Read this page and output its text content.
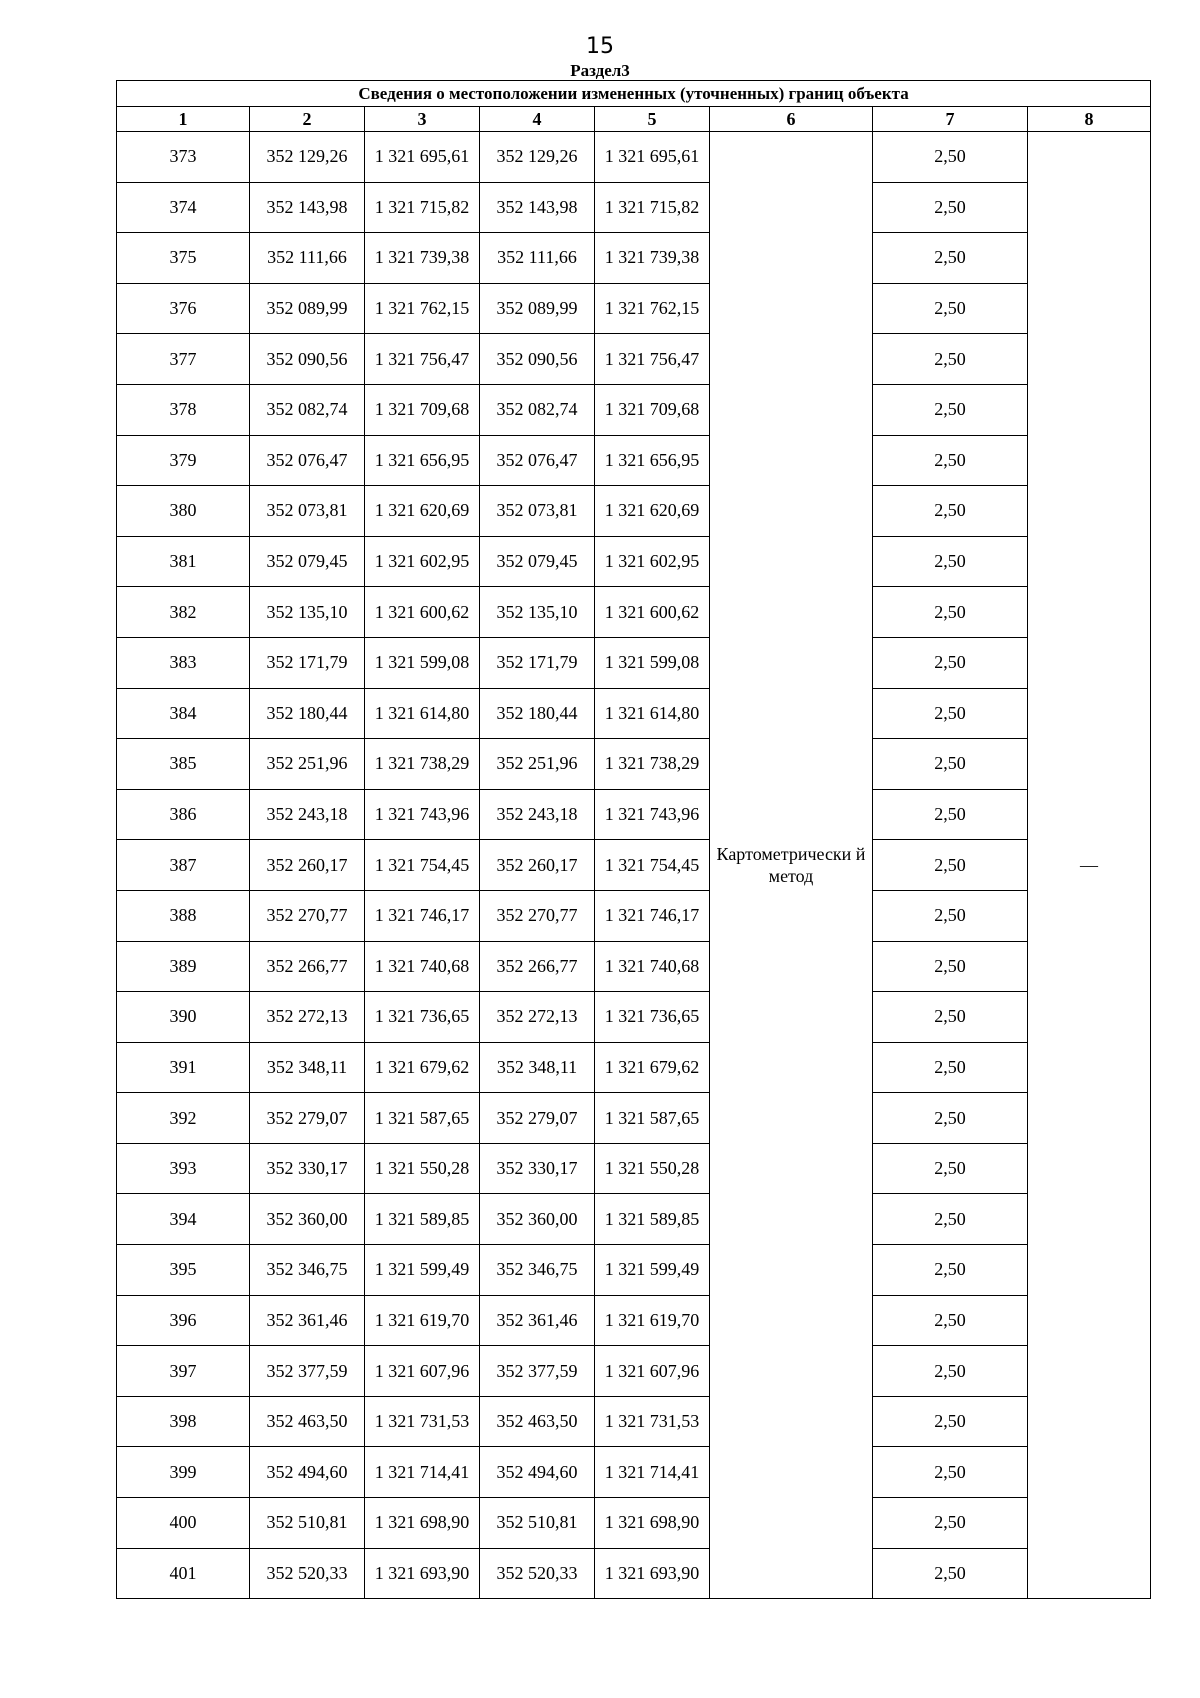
15
Раздел3
Сведения о местоположении измененных (уточненных) границ объекта							
1	2	3	4	5	6	7	8
373	352 129,26	1 321 695,61	352 129,26	1 321 695,61	Картометрически й метод	2,50	—
374	352 143,98	1 321 715,82	352 143,98	1 321 715,82		2,50	
375	352 111,66	1 321 739,38	352 111,66	1 321 739,38		2,50	
376	352 089,99	1 321 762,15	352 089,99	1 321 762,15		2,50	
377	352 090,56	1 321 756,47	352 090,56	1 321 756,47		2,50	
378	352 082,74	1 321 709,68	352 082,74	1 321 709,68		2,50	
379	352 076,47	1 321 656,95	352 076,47	1 321 656,95		2,50	
380	352 073,81	1 321 620,69	352 073,81	1 321 620,69		2,50	
381	352 079,45	1 321 602,95	352 079,45	1 321 602,95		2,50	
382	352 135,10	1 321 600,62	352 135,10	1 321 600,62		2,50	
383	352 171,79	1 321 599,08	352 171,79	1 321 599,08		2,50	
384	352 180,44	1 321 614,80	352 180,44	1 321 614,80		2,50	
385	352 251,96	1 321 738,29	352 251,96	1 321 738,29		2,50	
386	352 243,18	1 321 743,96	352 243,18	1 321 743,96		2,50	
387	352 260,17	1 321 754,45	352 260,17	1 321 754,45		2,50	
388	352 270,77	1 321 746,17	352 270,77	1 321 746,17		2,50	
389	352 266,77	1 321 740,68	352 266,77	1 321 740,68		2,50	
390	352 272,13	1 321 736,65	352 272,13	1 321 736,65		2,50	
391	352 348,11	1 321 679,62	352 348,11	1 321 679,62		2,50	
392	352 279,07	1 321 587,65	352 279,07	1 321 587,65		2,50	
393	352 330,17	1 321 550,28	352 330,17	1 321 550,28		2,50	
394	352 360,00	1 321 589,85	352 360,00	1 321 589,85		2,50	
395	352 346,75	1 321 599,49	352 346,75	1 321 599,49		2,50	
396	352 361,46	1 321 619,70	352 361,46	1 321 619,70		2,50	
397	352 377,59	1 321 607,96	352 377,59	1 321 607,96		2,50	
398	352 463,50	1 321 731,53	352 463,50	1 321 731,53		2,50	
399	352 494,60	1 321 714,41	352 494,60	1 321 714,41		2,50	
400	352 510,81	1 321 698,90	352 510,81	1 321 698,90		2,50	
401	352 520,33	1 321 693,90	352 520,33	1 321 693,90		2,50	
